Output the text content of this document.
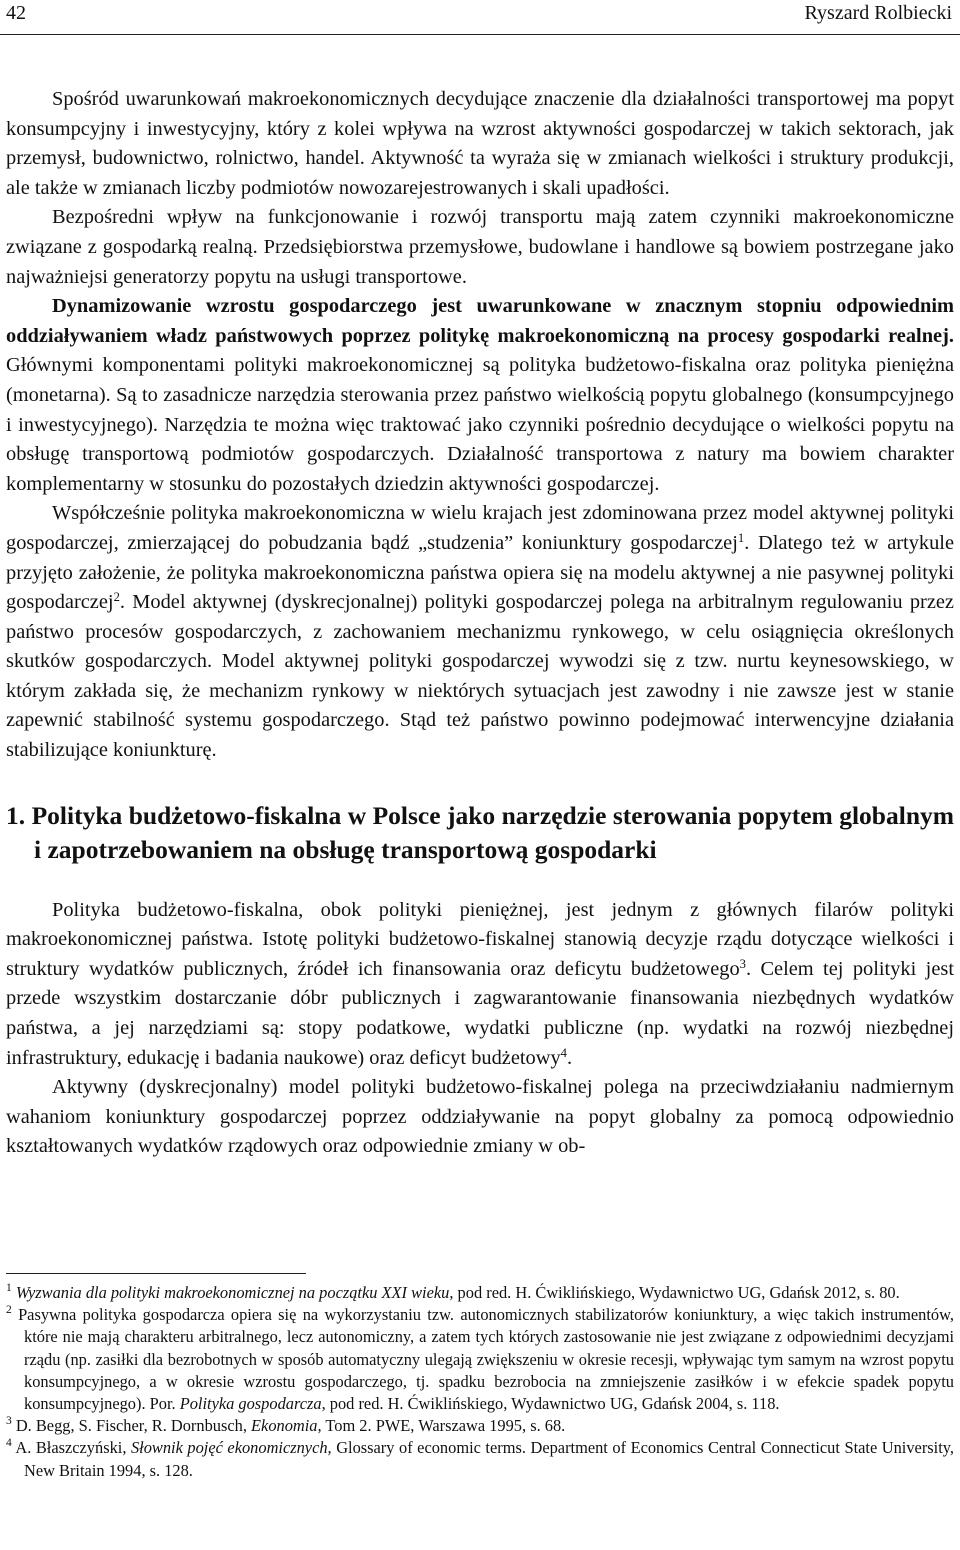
42	Ryszard Rolbiecki

Spośród uwarunkowań makroekonomicznych decydujące znaczenie dla działalności transportowej ma popyt konsumpcyjny i inwestycyjny, który z kolei wpływa na wzrost aktywności gospodarczej w takich sektorach, jak przemysł, budownictwo, rolnictwo, handel. Aktywność ta wyraża się w zmianach wielkości i struktury produkcji, ale także w zmianach liczby podmiotów nowozarejestrowanych i skali upadłości.

Bezpośredni wpływ na funkcjonowanie i rozwój transportu mają zatem czynniki makroekonomiczne związane z gospodarką realną. Przedsiębiorstwa przemysłowe, budowlane i handlowe są bowiem postrzegane jako najważniejsi generatorzy popytu na usługi transportowe.

Dynamizowanie wzrostu gospodarczego jest uwarunkowane w znacznym stopniu odpowiednim oddziaływaniem władz państwowych poprzez politykę makroekonomiczną na procesy gospodarki realnej. Głównymi komponentami polityki makroekonomicznej są polityka budżetowo-fiskalna oraz polityka pieniężna (monetarna). Są to zasadnicze narzędzia sterowania przez państwo wielkością popytu globalnego (konsumpcyjnego i inwestycyjnego). Narzędzia te można więc traktować jako czynniki pośrednio decydujące o wielkości popytu na obsługę transportową podmiotów gospodarczych. Działalność transportowa z natury ma bowiem charakter komplementarny w stosunku do pozostałych dziedzin aktywności gospodarczej.

Współcześnie polityka makroekonomiczna w wielu krajach jest zdominowana przez model aktywnej polityki gospodarczej, zmierzającej do pobudzania bądź „studzenia” koniunktury gospodarczej$^1$. Dlatego też w artykule przyjęto założenie, że polityka makroekonomiczna państwa opiera się na modelu aktywnej a nie pasywnej polityki gospodarczej$^2$. Model aktywnej (dyskrecjonalnej) polityki gospodarczej polega na arbitralnym regulowaniu przez państwo procesów gospodarczych, z zachowaniem mechanizmu rynkowego, w celu osiągnięcia określonych skutków gospodarczych. Model aktywnej polityki gospodarczej wywodzi się z tzw. nurtu keynesowskiego, w którym zakłada się, że mechanizm rynkowy w niektórych sytuacjach jest zawodny i nie zawsze jest w stanie zapewnić stabilność systemu gospodarczego. Stąd też państwo powinno podejmować interwencyjne działania stabilizujące koniunkturę.

1. Polityka budżetowo-fiskalna w Polsce jako narzędzie sterowania popytem globalnym i zapotrzebowaniem na obsługę transportową gospodarki

Polityka budżetowo-fiskalna, obok polityki pieniężnej, jest jednym z głównych filarów polityki makroekonomicznej państwa. Istotę polityki budżetowo-fiskalnej stanowią decyzje rządu dotyczące wielkości i struktury wydatków publicznych, źródeł ich finansowania oraz deficytu budżetowego$^3$. Celem tej polityki jest przede wszystkim dostarczanie dóbr publicznych i zagwarantowanie finansowania niezbędnych wydatków państwa, a jej narzędziami są: stopy podatkowe, wydatki publiczne (np. wydatki na rozwój niezbędnej infrastruktury, edukację i badania naukowe) oraz deficyt budżetowy$^4$.

Aktywny (dyskrecjonalny) model polityki budżetowo-fiskalnej polega na przeciwdziałaniu nadmiernym wahaniom koniunktury gospodarczej poprzez oddziaływanie na popyt globalny za pomocą odpowiednio kształtowanych wydatków rządowych oraz odpowiednie zmiany w ob-

$^1$ Wyzwania dla polityki makroekonomicznej na początku XXI wieku, pod red. H. Ćwiklińskiego, Wydawnictwo UG, Gdańsk 2012, s. 80.

$^2$ Pasywna polityka gospodarcza opiera się na wykorzystaniu tzw. autonomicznych stabilizatorów koniunktury, a więc takich instrumentów, które nie mają charakteru arbitralnego, lecz autonomiczny, a zatem tych których zastosowanie nie jest związane z odpowiednimi decyzjami rządu (np. zasiłki dla bezrobotnych w sposób automatyczny ulegają zwiększeniu w okresie recesji, wpływając tym samym na wzrost popytu konsumpcyjnego, a w okresie wzrostu gospodarczego, tj. spadku bezrobocia na zmniejszenie zasiłków i w efekcie spadek popytu konsumpcyjnego). Por. Polityka gospodarcza, pod red. H. Ćwiklińskiego, Wydawnictwo UG, Gdańsk 2004, s. 118.

$^3$ D. Begg, S. Fischer, R. Dornbusch, Ekonomia, Tom 2. PWE, Warszawa 1995, s. 68.

$^4$ A. Błaszczyński, Słownik pojęć ekonomicznych, Glossary of economic terms. Department of Economics Central Connecticut State University, New Britain 1994, s. 128.
